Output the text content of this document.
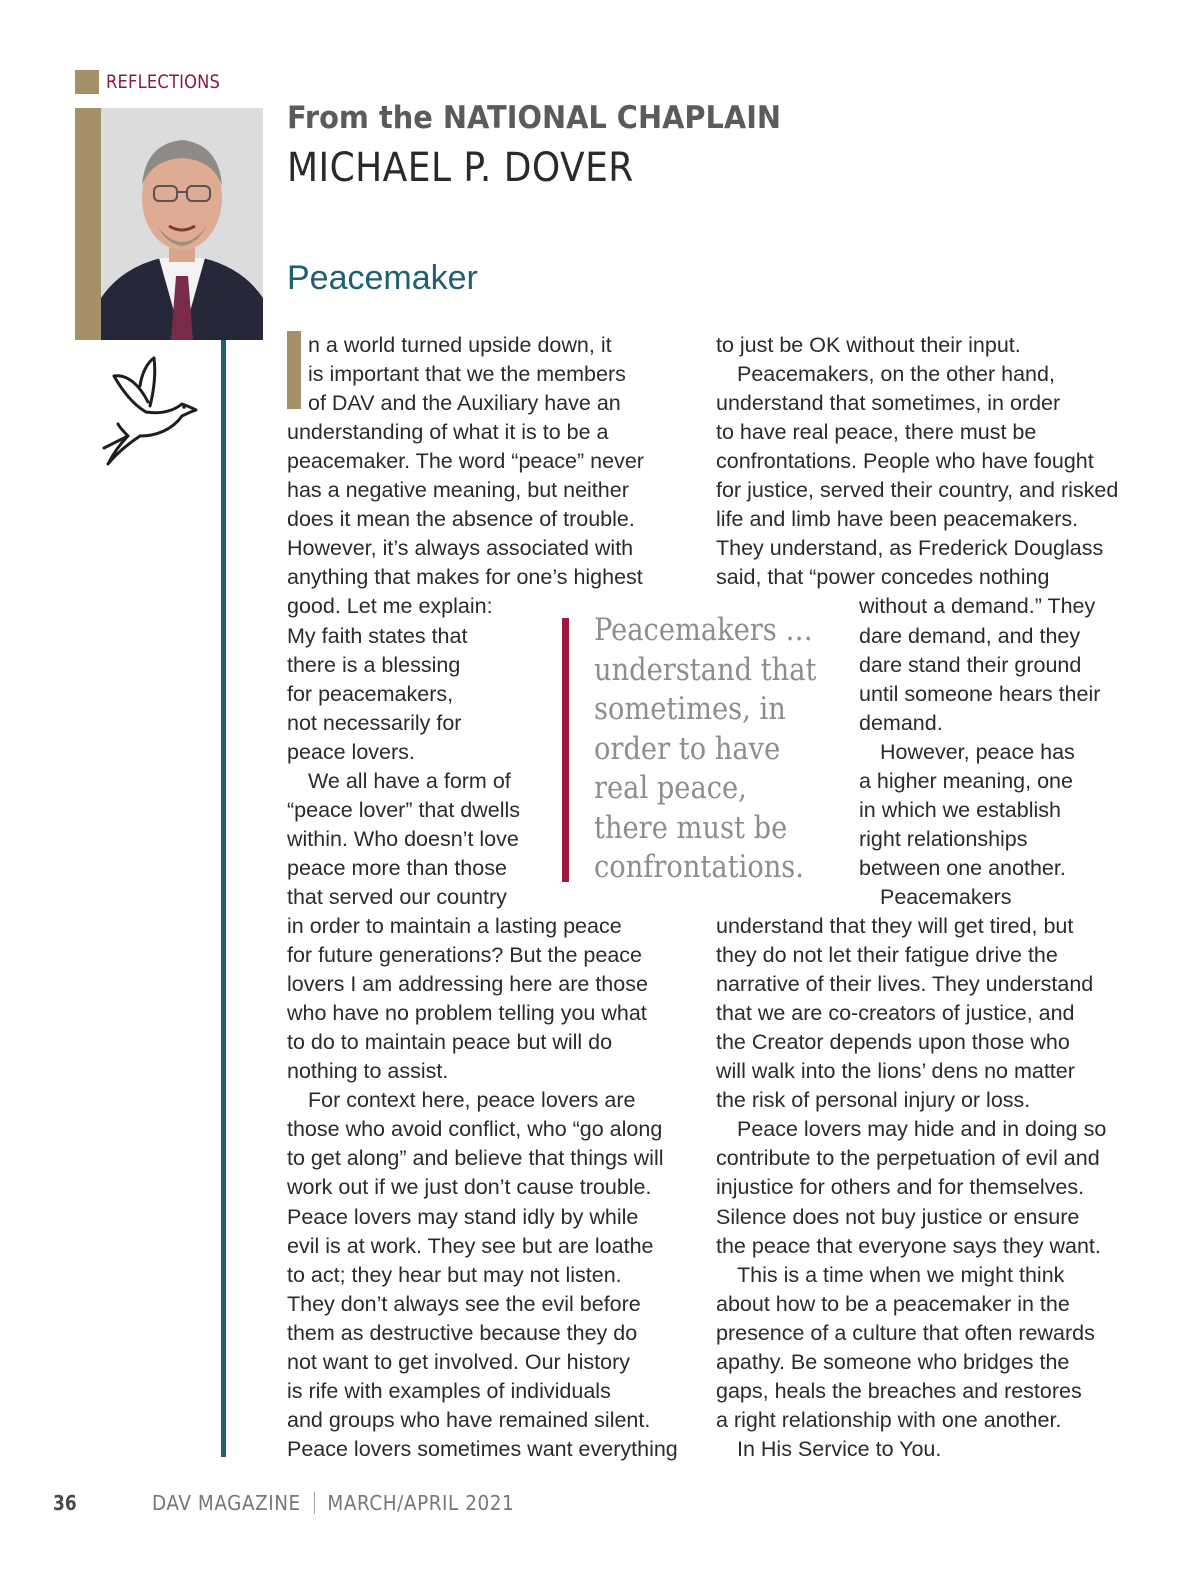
REFLECTIONS
From the NATIONAL CHAPLAIN
MICHAEL P. DOVER
Peacemaker
n a world turned upside down, it
is important that we the members
of DAV and the Auxiliary have an
understanding of what it is to be a
peacemaker. The word “peace” never
has a negative meaning, but neither
does it mean the absence of trouble.
However, it’s always associated with
anything that makes for one’s highest
good. Let me explain:
My faith states that
there is a blessing
for peacemakers,
not necessarily for
peace lovers.
We all have a form of
“peace lover” that dwells
within. Who doesn’t love
peace more than those
that served our country
in order to maintain a lasting peace
for future generations? But the peace
lovers I am addressing here are those
who have no problem telling you what
to do to maintain peace but will do
nothing to assist.
For context here, peace lovers are
those who avoid conflict, who “go along
to get along” and believe that things will
work out if we just don’t cause trouble.
Peace lovers may stand idly by while
evil is at work. They see but are loathe
to act; they hear but may not listen.
They don’t always see the evil before
them as destructive because they do
not want to get involved. Our history
is rife with examples of individuals
and groups who have remained silent.
Peace lovers sometimes want everything
to just be OK without their input.
Peacemakers, on the other hand,
understand that sometimes, in order
to have real peace, there must be
confrontations. People who have fought
for justice, served their country, and risked
life and limb have been peacemakers.
They understand, as Frederick Douglass
said, that “power concedes nothing
without a demand.” They
dare demand, and they
dare stand their ground
until someone hears their
demand.
However, peace has
a higher meaning, one
in which we establish
right relationships
between one another.
Peacemakers
understand that they will get tired, but
they do not let their fatigue drive the
narrative of their lives. They understand
that we are co-creators of justice, and
the Creator depends upon those who
will walk into the lions’ dens no matter
the risk of personal injury or loss.
Peace lovers may hide and in doing so
contribute to the perpetuation of evil and
injustice for others and for themselves.
Silence does not buy justice or ensure
the peace that everyone says they want.
This is a time when we might think
about how to be a peacemaker in the
presence of a culture that often rewards
apathy. Be someone who bridges the
gaps, heals the breaches and restores
a right relationship with one another.
In His Service to You.
Peacemakers …
understand that
sometimes, in
order to have
real peace,
there must be
confrontations.
36	DAV MAGAZINE MARCH/APRIL 2021
